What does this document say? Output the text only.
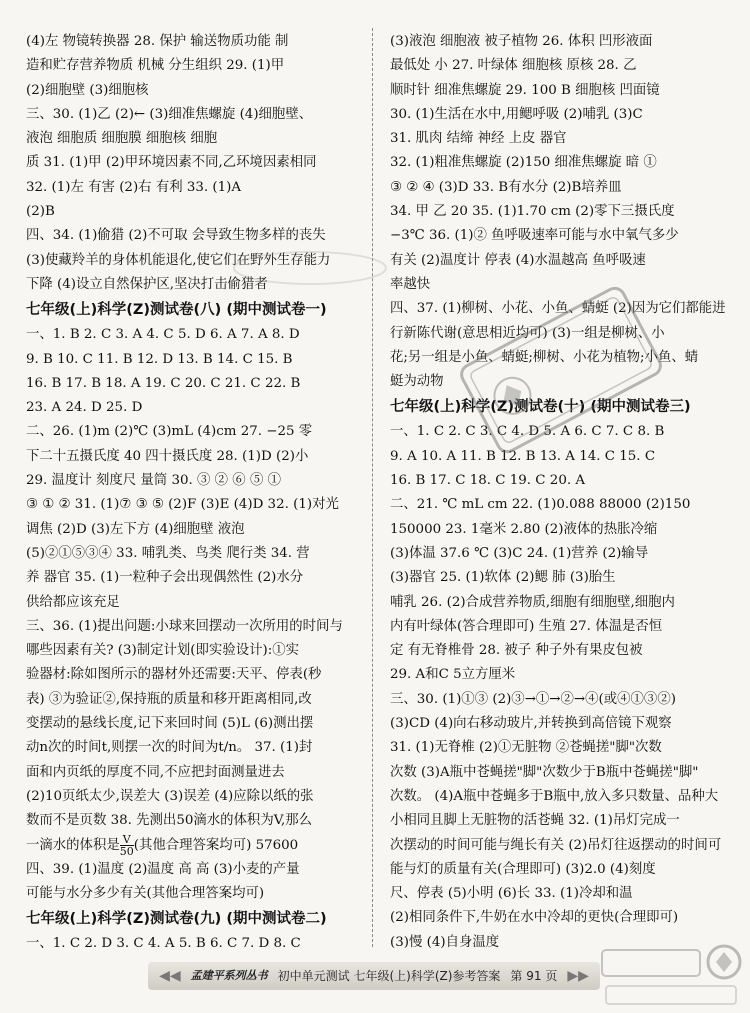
(4)左 物镜转换器 28. 保护 输送物质功能 制
造和贮存营养物质 机械 分生组织 29. (1)甲
(2)细胞壁 (3)细胞核
三、30. (1)乙 (2)← (3)细准焦螺旋 (4)细胞壁、
液泡 细胞质 细胞膜 细胞核 细胞
质 31. (1)甲 (2)甲环境因素不同,乙环境因素相同
32. (1)左 有害 (2)右 有利 33. (1)A
(2)B
四、34. (1)偷猎 (2)不可取 会导致生物多样的丧失
(3)使藏羚羊的身体机能退化,使它们在野外生存能力
下降 (4)设立自然保护区,坚决打击偷猎者
七年级(上)科学(Z)测试卷(八) (期中测试卷一)
一、1. B 2. C 3. A 4. C 5. D 6. A 7. A 8. D
9. B 10. C 11. B 12. D 13. B 14. C 15. B
16. B 17. B 18. A 19. C 20. C 21. C 22. B
23. A 24. D 25. D
二、26. (1)m (2)℃ (3)mL (4)cm 27. −25 零
下二十五摄氏度 40 四十摄氏度 28. (1)D (2)小
29. 温度计 刻度尺 量筒 30. ③ ② ⑥ ⑤ ①
③ ① ② 31. (1)⑦ ③ ⑤ (2)F (3)E (4)D 32. (1)对光
调焦 (2)D (3)左下方 (4)细胞壁 液泡
(5)②①⑤③④ 33. 哺乳类、鸟类 爬行类 34. 营
养 器官 35. (1)一粒种子会出现偶然性 (2)水分
供给都应该充足
三、36. (1)提出问题:小球来回摆动一次所用的时间与
哪些因素有关? (3)制定计划(即实验设计):①实
验器材:除如图所示的器材外还需要:天平、停表(秒
表) ③为验证②,保持瓶的质量和移开距离相同,改
变摆动的悬线长度,记下来回时间 (5)L (6)测出摆
动n次的时间t,则摆一次的时间为t/n。 37. (1)封
面和内页纸的厚度不同,不应把封面测量进去
(2)10页纸太少,误差大 (3)误差 (4)应除以纸的张
数而不是页数 38. 先测出50滴水的体积为V,那么
一滴水的体积是 $\frac{V}{50}$ (其他合理答案均可) 57600
四、39. (1)温度 (2)温度 高 高 (3)小麦的产量
可能与水分多少有关(其他合理答案均可)
七年级(上)科学(Z)测试卷(九) (期中测试卷二)
一、1. C 2. D 3. C 4. A 5. B 6. C 7. D 8. C
(3)液泡 细胞液 被子植物 26. 体积 凹形液面
最低处 小 27. 叶绿体 细胞核 原核 28. 乙
顺时针 细准焦螺旋 29. 100 B 细胞核 凹面镜
30. (1)生活在水中,用鳃呼吸 (2)哺乳 (3)C
31. 肌肉 结缔 神经 上皮 器官
32. (1)粗准焦螺旋 (2)150 细准焦螺旋 暗 ①
③ ② ④ (3)D 33. B有水分 (2)B培养皿
34. 甲 乙 20 35. (1)1.70 cm (2)零下三摄氏度
−3℃ 36. (1)② 鱼呼吸速率可能与水中氧气多少
有关 (2)温度计 停表 (4)水温越高 鱼呼吸速
率越快
四、37. (1)柳树、小花、小鱼、蜻蜓 (2)因为它们都能进
行新陈代谢(意思相近均可) (3)一组是柳树、小
花;另一组是小鱼、蜻蜓;柳树、小花为植物;小鱼、蜻
蜓为动物
七年级(上)科学(Z)测试卷(十) (期中测试卷三)
一、1. C 2. C 3. C 4. D 5. A 6. C 7. C 8. B
9. A 10. A 11. B 12. B 13. A 14. C 15. C
16. B 17. C 18. C 19. C 20. A
二、21. ℃ mL cm 22. (1)0.088 88000 (2)150
150000 23. 1毫米 2.80 (2)液体的热胀冷缩
(3)体温 37.6 ℃ (3)C 24. (1)营养 (2)输导
(3)器官 25. (1)软体 (2)鳃 肺 (3)胎生
哺乳 26. (2)合成营养物质,细胞有细胞壁,细胞内
内有叶绿体(答合理即可) 生殖 27. 体温是否恒
定 有无脊椎骨 28. 被子 种子外有果皮包被
29. A和C 5立方厘米
三、30. (1)①③ (2)③→①→②→④(或④①③②)
(3)CD (4)向右移动玻片,并转换到高倍镜下观察
31. (1)无脊椎 (2)①无脏物 ②苍蝇搓"脚"次数
次数 (3)A瓶中苍蝇搓"脚"次数少于B瓶中苍蝇搓"脚"
次数。 (4)A瓶中苍蝇多于B瓶中,放入多只数量、品种大
小相同且脚上无脏物的活苍蝇 32. (1)吊灯完成一
次摆动的时间可能与绳长有关 (2)吊灯往返摆动的时间可
能与灯的质量有关(合理即可) (3)2.0 (4)刻度
尺、停表 (5)小明 (6)长 33. (1)冷却和温
(2)相同条件下,牛奶在水中冷却的更快(合理即可)
(3)慢 (4)自身温度
◀◀ 孟建平系列丛书 初中单元测试 七年级(上)科学(Z)参考答案 第 91 页 ▶▶
